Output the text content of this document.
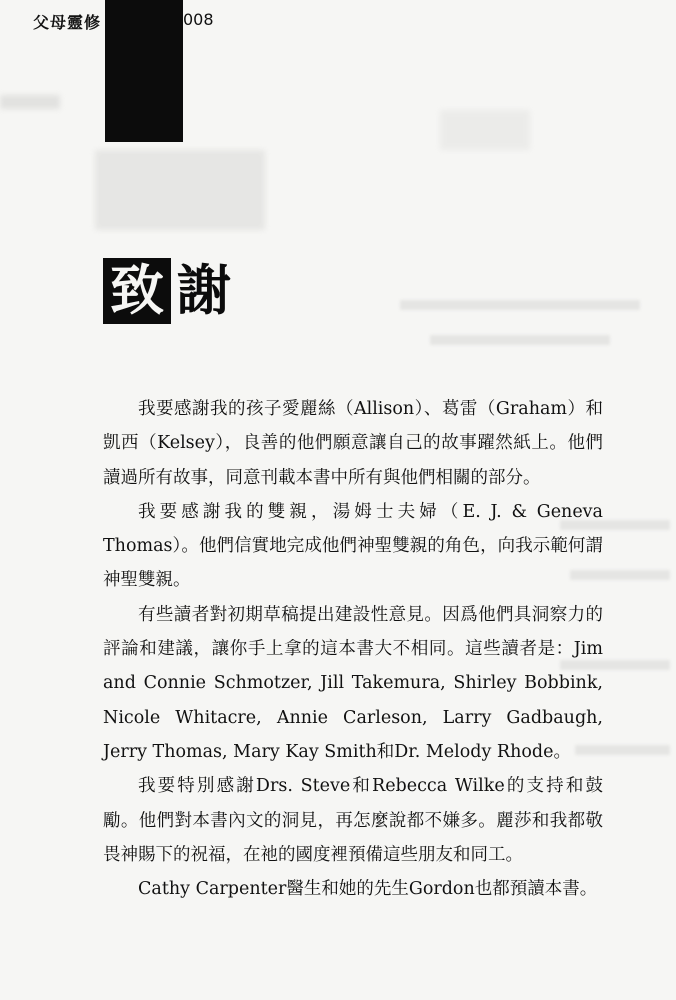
父母靈修	008
致 謝

我要感謝我的孩子愛麗絲（Allison）、葛雷（Graham）和凱西（Kelsey），良善的他們願意讓自己的故事躍然紙上。他們讀過所有故事，同意刊載本書中所有與他們相關的部分。

我要感謝我的雙親，湯姆士夫婦（E. J. & Geneva Thomas）。他們信實地完成他們神聖雙親的角色，向我示範何謂神聖雙親。

有些讀者對初期草稿提出建設性意見。因爲他們具洞察力的評論和建議，讓你手上拿的這本書大不相同。這些讀者是：Jim and Connie Schmotzer, Jill Takemura, Shirley Bobbink, Nicole Whitacre, Annie Carleson, Larry Gadbaugh, Jerry Thomas, Mary Kay Smith和Dr. Melody Rhode。

我要特別感謝Drs. Steve和Rebecca Wilke的支持和鼓勵。他們對本書內文的洞見，再怎麼說都不嫌多。麗莎和我都敬畏神賜下的祝福，在祂的國度裡預備這些朋友和同工。

Cathy Carpenter醫生和她的先生Gordon也都預讀本書。
